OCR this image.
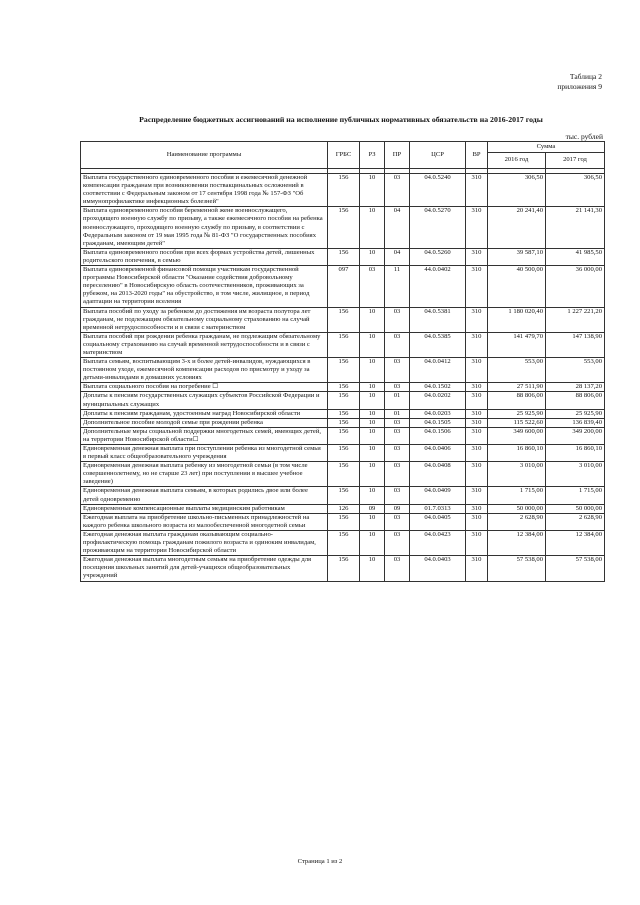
Таблица 2
приложения 9
Распределение бюджетных ассигнований на исполнение публичных нормативных обязательств на 2016-2017 годы
тыс. рублей
Наименование программы	ГРБС	РЗ	ПР	ЦСР	ВР	Сумма	
						2016 год	2017 год

Выплата государственного единовременного пособия и ежемесячной денежной компенсации гражданам при возникновении поствакцинальных осложнений в соответствии с Федеральным законом от 17 сентября 1998 года № 157-ФЗ "Об иммунопрофилактике инфекционных болезней"	156	10	03	04.0.5240	310	306,50	306,50
Выплата единовременного пособия беременной жене военнослужащего, проходящего военную службу по призыву, а также ежемесячного пособия на ребенка военнослужащего, проходящего военную службу по призыву, в соответствии с Федеральным законом от 19 мая 1995 года № 81-ФЗ "О государственных пособиях гражданам, имеющим детей"	156	10	04	04.0.5270	310	20 241,40	21 141,30
Выплата единовременного пособия при всех формах устройства детей, лишенных родительского попечения, в семью	156	10	04	04.0.5260	310	39 587,10	41 985,50
Выплата единовременной финансовой помощи участникам государственной программы Новосибирской области "Оказание содействия добровольному переселению" в Новосибирскую область соотечественников, проживающих за рубежом, на 2013-2020 годы" на обустройство, в том числе, жилищное, в период адаптации на территории вселения	097	03	11	44.0.0402	310	40 500,00	36 000,00
Выплата пособий по уходу за ребенком до достижения им возраста полутора лет гражданам, не подлежащим обязательному социальному страхованию на случай временной нетрудоспособности и в связи с материнством	156	10	03	04.0.5381	310	1 180 020,40	1 227 221,20
Выплата пособий при рождении ребенка гражданам, не подлежащим обязательному социальному страхованию на случай временной нетрудоспособности и в связи с материнством	156	10	03	04.0.5385	310	141 479,70	147 138,90
Выплата семьям, воспитывающим 3-х и более детей-инвалидов, нуждающихся в постоянном уходе, ежемесячной компенсации расходов по присмотру и уходу за детьми-инвалидами в домашних условиях	156	10	03	04.0.0412	310	553,00	553,00
Выплата социального пособия на погребение ☐	156	10	03	04.0.1502	310	27 511,90	28 137,20
Доплаты к пенсиям государственных служащих субъектов Российской Федерации и муниципальных служащих	156	10	01	04.0.0202	310	88 806,00	88 806,00
Доплаты к пенсиям гражданам, удостоенным наград Новосибирской области	156	10	01	04.0.0203	310	25 925,90	25 925,90
Дополнительное пособие молодой семье при рождении ребенка	156	10	03	04.0.1505	310	115 522,60	136 839,40
Дополнительные меры социальной поддержки многодетных семей, имеющих детей, на территории Новосибирской области☐	156	10	03	04.0.1506	310	349 600,00	349 200,00
Единовременная денежная выплата при поступлении ребенка из многодетной семьи в первый класс общеобразовательного учреждения	156	10	03	04.0.0406	310	16 860,10	16 860,10
Единовременная денежная выплата ребенку из многодетной семьи (в том числе совершеннолетнему, но не старше 23 лет) при поступлении в высшее учебное заведение)	156	10	03	04.0.0408	310	3 010,00	3 010,00
Единовременная денежная выплата семьям, в которых родились двое или более детей одновременно	156	10	03	04.0.0409	310	1 715,00	1 715,00
Единовременные компенсационные выплаты медицинским работникам	126	09	09	01.7.0313	310	50 000,00	50 000,00
Ежегодная выплата на приобретение школьно-письменных принадлежностей на каждого ребенка школьного возраста из малообеспеченной многодетной семьи	156	10	03	04.0.0405	310	2 628,90	2 628,90
Ежегодная денежная выплата гражданам оказывающим социально-профилактическую помощь гражданам пожилого возраста и одиноким инвалидам, проживающим на территории Новосибирской области	156	10	03	04.0.0423	310	12 384,00	12 384,00
Ежегодная денежная выплата многодетным семьям на приобретение одежды для посещения школьных занятий для детей-учащихся общеобразовательных учреждений	156	10	03	04.0.0403	310	57 538,00	57 538,00
Страница 1 из 2
